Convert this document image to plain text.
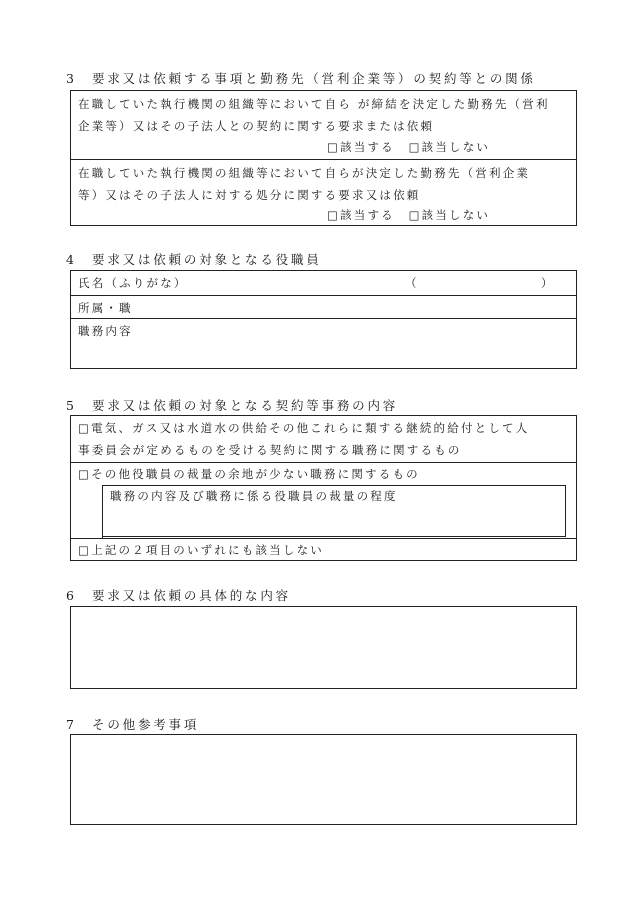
3　要求又は依頼する事項と勤務先（営利企業等）の契約等との関係
在職していた執行機関の組織等において自ら が締結を決定した勤務先（営利
企業等）又はその子法人との契約に関する要求または依頼
□該当する　□該当しない
在職していた執行機関の組織等において自らが決定した勤務先（営利企業
等）又はその子法人に対する処分に関する要求又は依頼
□該当する　□該当しない
4　要求又は依頼の対象となる役職員
氏名（ふりがな）	（	）
所属・職
職務内容
5　要求又は依頼の対象となる契約等事務の内容
□電気、ガス又は水道水の供給その他これらに類する継続的給付として人
事委員会が定めるものを受ける契約に関する職務に関するもの
□その他役職員の裁量の余地が少ない職務に関するもの
職務の内容及び職務に係る役職員の裁量の程度
□上記の２項目のいずれにも該当しない
6　要求又は依頼の具体的な内容
7　その他参考事項
